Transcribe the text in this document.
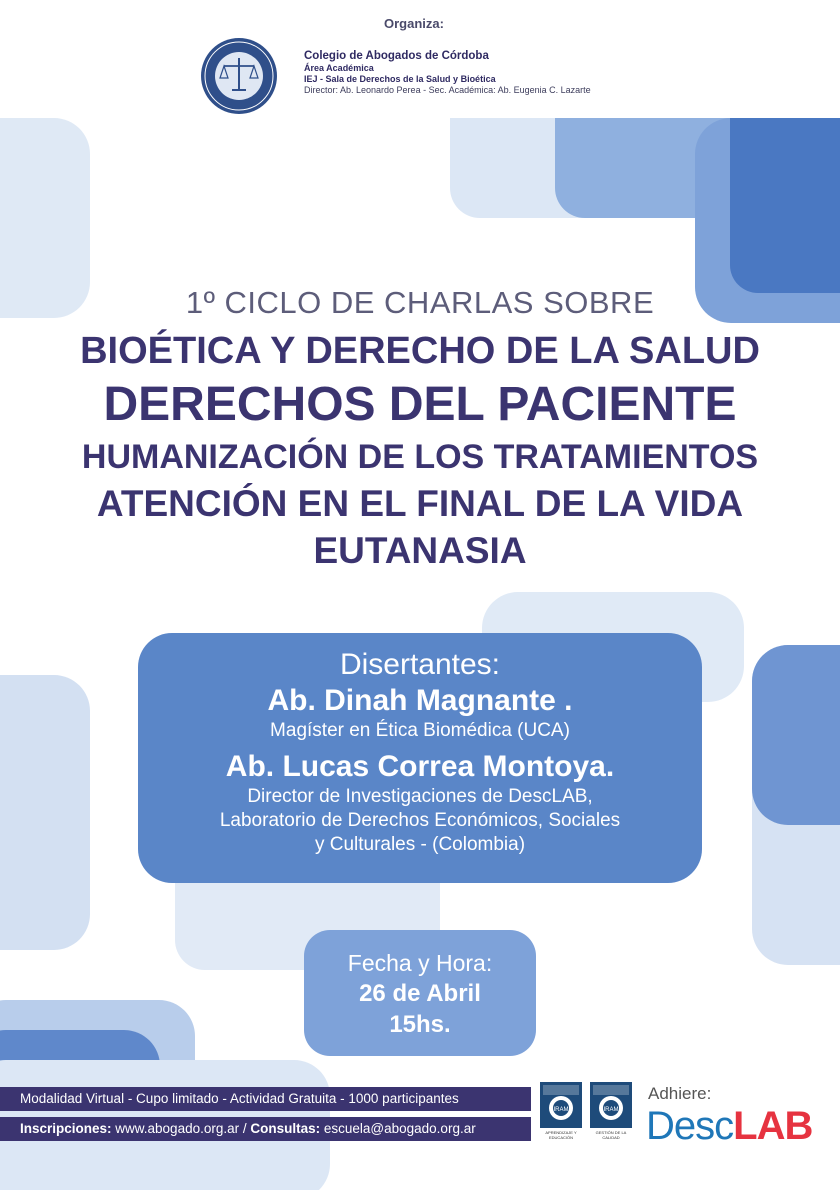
Organiza:
Colegio de Abogados de Córdoba
Área Académica
IEJ - Sala de Derechos de la Salud y Bioética
Director: Ab. Leonardo Perea - Sec. Académica: Ab. Eugenia C. Lazarte
1º CICLO DE CHARLAS SOBRE
BIOÉTICA Y DERECHO DE LA SALUD
DERECHOS DEL PACIENTE
HUMANIZACIÓN DE LOS TRATAMIENTOS
ATENCIÓN EN EL FINAL DE LA VIDA
EUTANASIA
Disertantes:
Ab. Dinah Magnante .
Magíster en Ética Biomédica (UCA)
Ab. Lucas Correa Montoya.
Director de Investigaciones de DescLAB,
Laboratorio de Derechos Económicos, Sociales
y Culturales - (Colombia)
Fecha y Hora:
26 de Abril
15hs.
Modalidad Virtual - Cupo limitado - Actividad Gratuita - 1000 participantes
Inscripciones: www.abogado.org.ar / Consultas: escuela@abogado.org.ar
IRAM
APRENDIZAJE Y EDUCACIÓN
IRAM
GESTIÓN DE LA CALIDAD
Adhiere:
DescLAB
